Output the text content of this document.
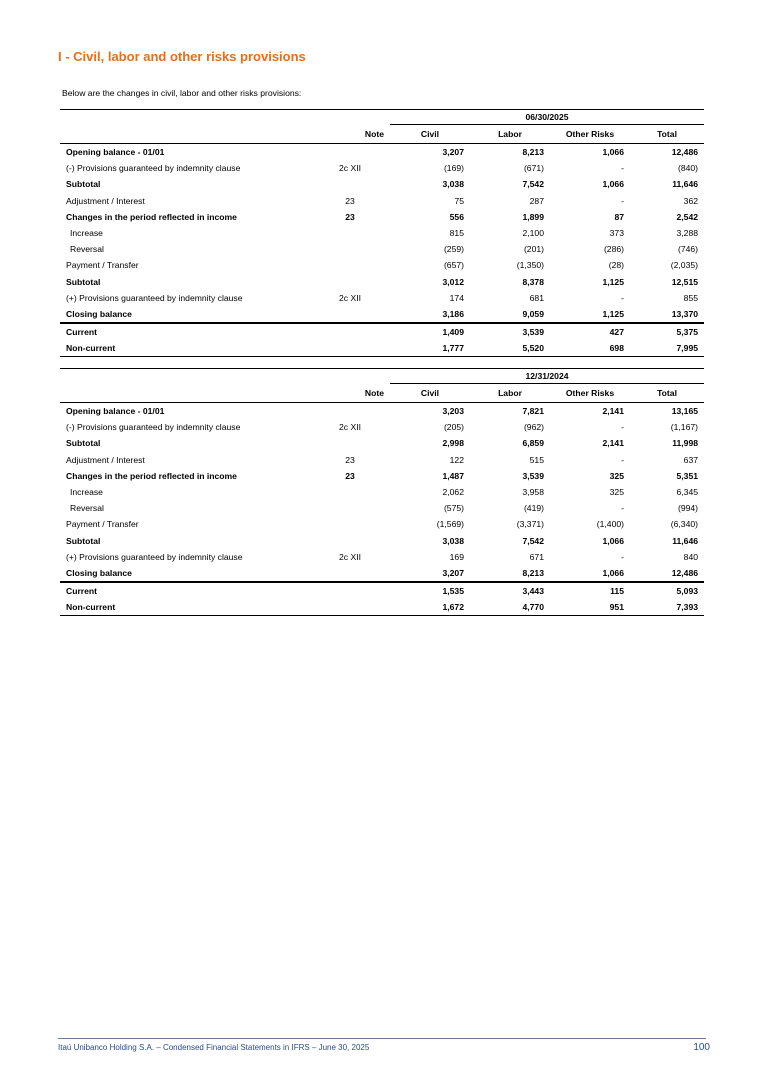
I - Civil, labor and other risks provisions
Below are the changes in civil, labor and other risks provisions:
		06/30/2025			
	Note	Civil	Labor	Other Risks	Total
Opening balance - 01/01		3,207	8,213	1,066	12,486
(-) Provisions guaranteed by indemnity clause	2c XII	(169)	(671)	-	(840)
Subtotal		3,038	7,542	1,066	11,646
Adjustment / Interest	23	75	287	-	362
Changes in the period reflected in income	23	556	1,899	87	2,542
Increase		815	2,100	373	3,288
Reversal		(259)	(201)	(286)	(746)
Payment / Transfer		(657)	(1,350)	(28)	(2,035)
Subtotal		3,012	8,378	1,125	12,515
(+) Provisions guaranteed by indemnity clause	2c XII	174	681	-	855
Closing balance		3,186	9,059	1,125	13,370
Current		1,409	3,539	427	5,375
Non-current		1,777	5,520	698	7,995
		12/31/2024			
	Note	Civil	Labor	Other Risks	Total
Opening balance - 01/01		3,203	7,821	2,141	13,165
(-) Provisions guaranteed by indemnity clause	2c XII	(205)	(962)	-	(1,167)
Subtotal		2,998	6,859	2,141	11,998
Adjustment / Interest	23	122	515	-	637
Changes in the period reflected in income	23	1,487	3,539	325	5,351
Increase		2,062	3,958	325	6,345
Reversal		(575)	(419)	-	(994)
Payment / Transfer		(1,569)	(3,371)	(1,400)	(6,340)
Subtotal		3,038	7,542	1,066	11,646
(+) Provisions guaranteed by indemnity clause	2c XII	169	671	-	840
Closing balance		3,207	8,213	1,066	12,486
Current		1,535	3,443	115	5,093
Non-current		1,672	4,770	951	7,393
Itaú Unibanco Holding S.A. – Condensed Financial Statements in IFRS – June 30, 2025	100
